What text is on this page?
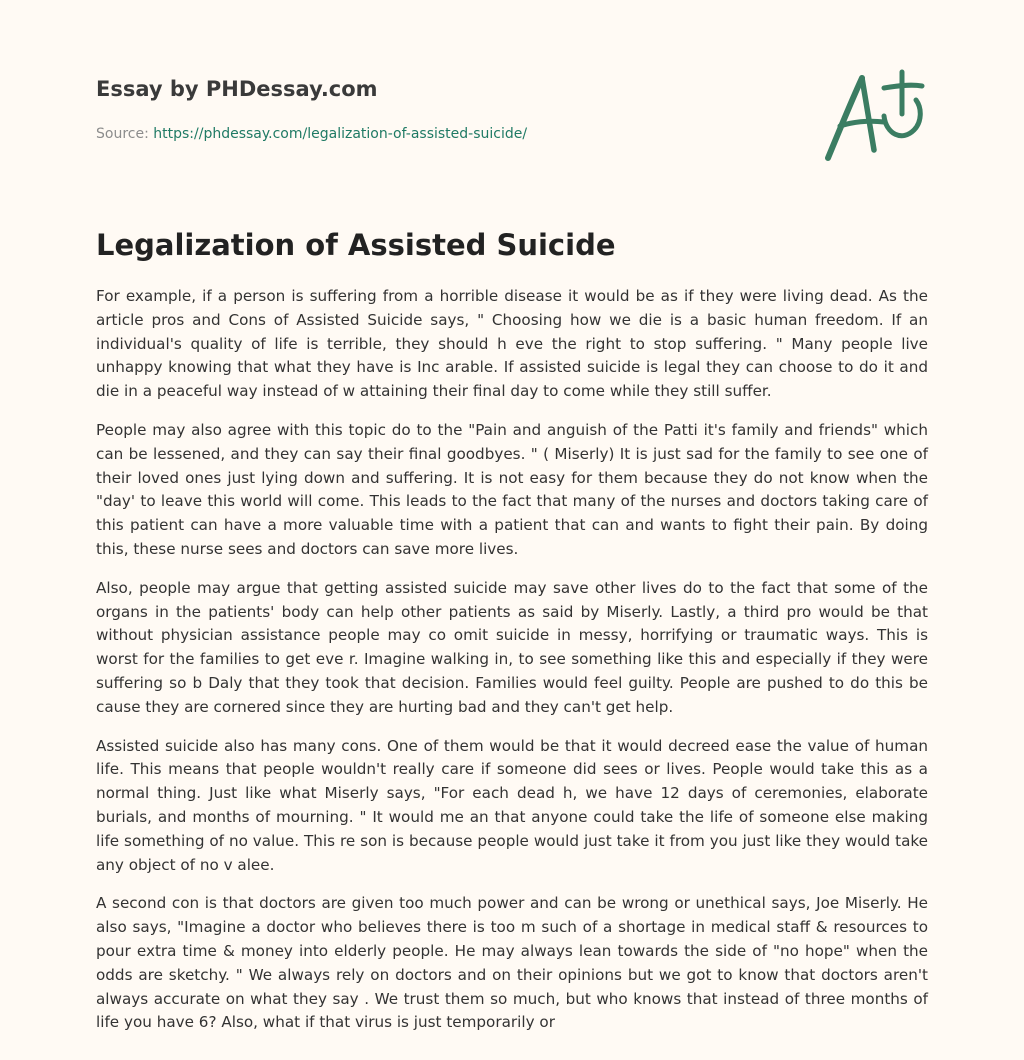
Essay by PHDessay.com
Source: https://phdessay.com/legalization-of-assisted-suicide/
Legalization of Assisted Suicide

For example, if a person is suffering from a horrible disease it would be as if they were living dead. As the article pros and Cons of Assisted Suicide says, " Choosing how we die is a basic human freedom. If an individual's quality of life is terrible, they should h eve the right to stop suffering. " Many people live unhappy knowing that what they have is Inc arable. If assisted suicide is legal they can choose to do it and die in a peaceful way instead of w attaining their final day to come while they still suffer.

People may also agree with this topic do to the "Pain and anguish of the Patti it's family and friends" which can be lessened, and they can say their final goodbyes. " ( Miserly) It is just sad for the family to see one of their loved ones just lying down and suffering. It is not easy for them because they do not know when the "day' to leave this world will come. This leads to the fact that many of the nurses and doctors taking care of this patient can have a more valuable time with a patient that can and wants to fight their pain. By doing this, these nurse sees and doctors can save more lives.

Also, people may argue that getting assisted suicide may save other lives do to the fact that some of the organs in the patients' body can help other patients as said by Miserly. Lastly, a third pro would be that without physician assistance people may co omit suicide in messy, horrifying or traumatic ways. This is worst for the families to get eve r. Imagine walking in, to see something like this and especially if they were suffering so b Daly that they took that decision. Families would feel guilty. People are pushed to do this be cause they are cornered since they are hurting bad and they can't get help.

Assisted suicide also has many cons. One of them would be that it would decreed ease the value of human life. This means that people wouldn't really care if someone did sees or lives. People would take this as a normal thing. Just like what Miserly says, "For each dead h, we have 12 days of ceremonies, elaborate burials, and months of mourning. " It would me an that anyone could take the life of someone else making life something of no value. This re son is because people would just take it from you just like they would take any object of no v alee.

A second con is that doctors are given too much power and can be wrong or unethical says, Joe Miserly. He also says, "Imagine a doctor who believes there is too m such of a shortage in medical staff & resources to pour extra time & money into elderly people. He may always lean towards the side of "no hope" when the odds are sketchy. " We always rely on doctors and on their opinions but we got to know that doctors aren't always accurate on what they say . We trust them so much, but who knows that instead of three months of life you have 6? Also, what if that virus is just temporarily or
